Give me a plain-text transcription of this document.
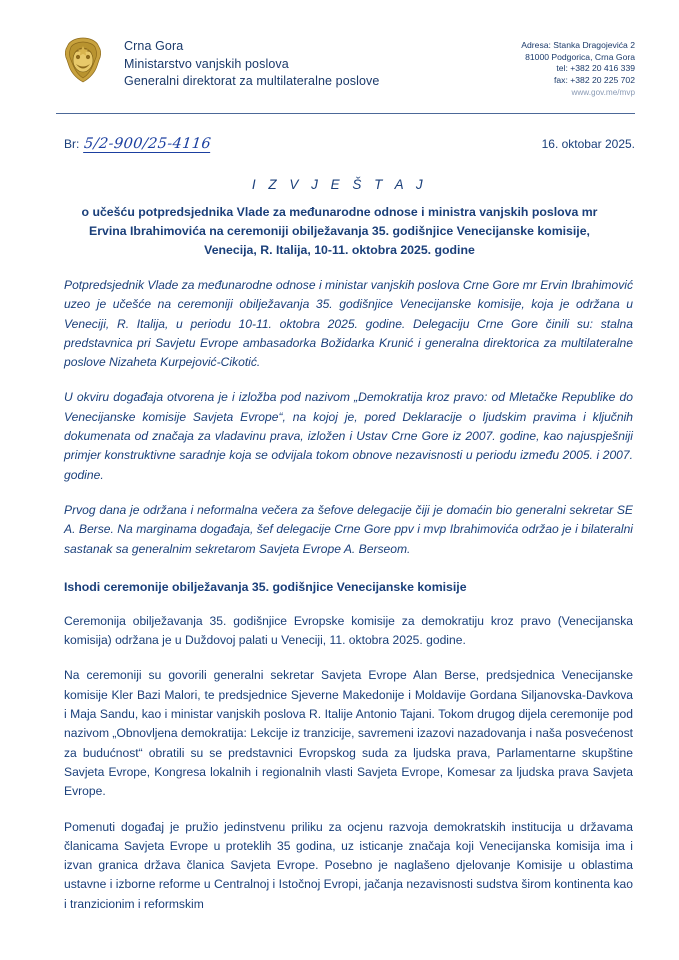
Crna Gora
Ministarstvo vanjskih poslova
Generalni direktorat za multilateralne poslove
Adresa: Stanka Dragojevića 2
81000 Podgorica, Crna Gora
tel: +382 20 416 339
fax: +382 20 225 702
www.gov.me/mvp
Br: 5/2-900/25-4116	16. oktobar 2025.
I Z V J E Š T A J
o učešću potpredsjednika Vlade za međunarodne odnose i ministra vanjskih poslova mr Ervina Ibrahimovića na ceremoniji obilježavanja 35. godišnjice Venecijanske komisije, Venecija, R. Italija, 10-11. oktobra 2025. godine

Potpredsjednik Vlade za međunarodne odnose i ministar vanjskih poslova Crne Gore mr Ervin Ibrahimović uzeo je učešće na ceremoniji obilježavanja 35. godišnjice Venecijanske komisije, koja je održana u Veneciji, R. Italija, u periodu 10-11. oktobra 2025. godine. Delegaciju Crne Gore činili su: stalna predstavnica pri Savjetu Evrope ambasadorka Božidarka Krunić i generalna direktorica za multilateralne poslove Nizaheta Kurpejović-Cikotić.

U okviru događaja otvorena je i izložba pod nazivom „Demokratija kroz pravo: od Mletačke Republike do Venecijanske komisije Savjeta Evrope“, na kojoj je, pored Deklaracije o ljudskim pravima i ključnih dokumenata od značaja za vladavinu prava, izložen i Ustav Crne Gore iz 2007. godine, kao najuspješniji primjer konstruktivne saradnje koja se odvijala tokom obnove nezavisnosti u periodu između 2005. i 2007. godine.

Prvog dana je održana i neformalna večera za šefove delegacije čiji je domaćin bio generalni sekretar SE A. Berse. Na marginama događaja, šef delegacije Crne Gore ppv i mvp Ibrahimovića održao je i bilateralni sastanak sa generalnim sekretarom Savjeta Evrope A. Berseom.

Ishodi ceremonije obilježavanja 35. godišnjice Venecijanske komisije

Ceremonija obilježavanja 35. godišnjice Evropske komisije za demokratiju kroz pravo (Venecijanska komisija) održana je u Duždovoj palati u Veneciji, 11. oktobra 2025. godine.

Na ceremoniji su govorili generalni sekretar Savjeta Evrope Alan Berse, predsjednica Venecijanske komisije Kler Bazi Malori, te predsjednice Sjeverne Makedonije i Moldavije Gordana Siljanovska-Davkova i Maja Sandu, kao i ministar vanjskih poslova R. Italije Antonio Tajani. Tokom drugog dijela ceremonije pod nazivom „Obnovljena demokratija: Lekcije iz tranzicije, savremeni izazovi nazadovanja i naša posvećenost za budućnost“ obratili su se predstavnici Evropskog suda za ljudska prava, Parlamentarne skupštine Savjeta Evrope, Kongresa lokalnih i regionalnih vlasti Savjeta Evrope, Komesar za ljudska prava Savjeta Evrope.

Pomenuti događaj je pružio jedinstvenu priliku za ocjenu razvoja demokratskih institucija u državama članicama Savjeta Evrope u proteklih 35 godina, uz isticanje značaja koji Venecijanska komisija ima i izvan granica država članica Savjeta Evrope. Posebno je naglašeno djelovanje Komisije u oblastima ustavne i izborne reforme u Centralnoj i Istočnoj Evropi, jačanja nezavisnosti sudstva širom kontinenta kao i tranzicionim i reformskim
